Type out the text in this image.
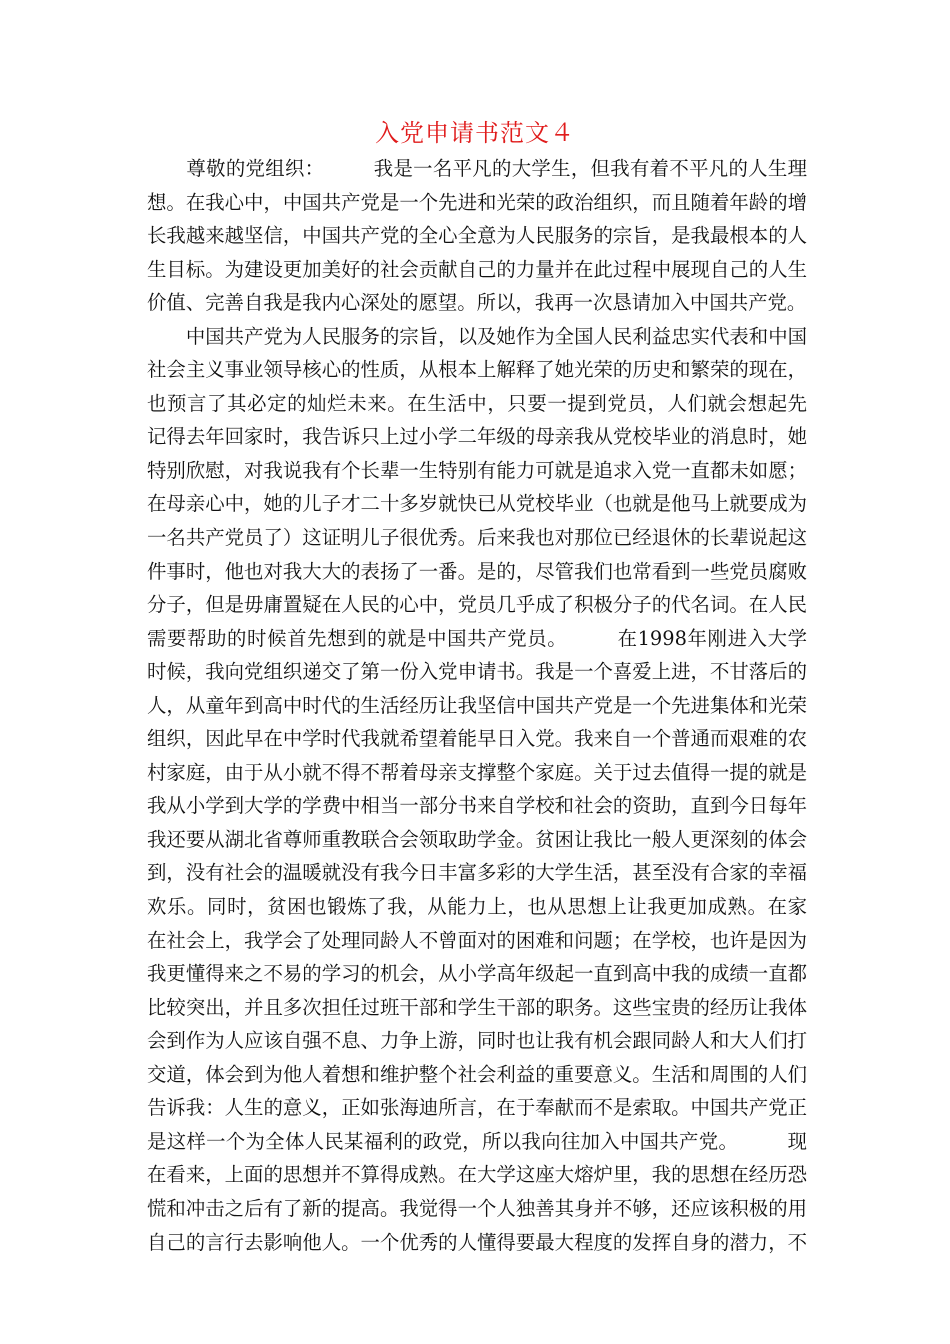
入党申请书范文４
　　尊敬的党组织：　　　我是一名平凡的大学生，但我有着不平凡的人生理
想。在我心中，中国共产党是一个先进和光荣的政治组织，而且随着年龄的增
长我越来越坚信，中国共产党的全心全意为人民服务的宗旨，是我最根本的人
生目标。为建设更加美好的社会贡献自己的力量并在此过程中展现自己的人生
价值、完善自我是我内心深处的愿望。所以，我再一次恳请加入中国共产党。
　　中国共产党为人民服务的宗旨，以及她作为全国人民利益忠实代表和中国
社会主义事业领导核心的性质，从根本上解释了她光荣的历史和繁荣的现在，
也预言了其必定的灿烂未来。在生活中，只要一提到党员，人们就会想起先
记得去年回家时，我告诉只上过小学二年级的母亲我从党校毕业的消息时，她
特别欣慰，对我说我有个长辈一生特别有能力可就是追求入党一直都未如愿；
在母亲心中，她的儿子才二十多岁就快已从党校毕业（也就是他马上就要成为
一名共产党员了）这证明儿子很优秀。后来我也对那位已经退休的长辈说起这
件事时，他也对我大大的表扬了一番。是的，尽管我们也常看到一些党员腐败
分子，但是毋庸置疑在人民的心中，党员几乎成了积极分子的代名词。在人民
需要帮助的时候首先想到的就是中国共产党员。　　　在1998年刚进入大学
时候，我向党组织递交了第一份入党申请书。我是一个喜爱上进，不甘落后的
人，从童年到高中时代的生活经历让我坚信中国共产党是一个先进集体和光荣
组织，因此早在中学时代我就希望着能早日入党。我来自一个普通而艰难的农
村家庭，由于从小就不得不帮着母亲支撑整个家庭。关于过去值得一提的就是
我从小学到大学的学费中相当一部分书来自学校和社会的资助，直到今日每年
我还要从湖北省尊师重教联合会领取助学金。贫困让我比一般人更深刻的体会
到，没有社会的温暖就没有我今日丰富多彩的大学生活，甚至没有合家的幸福
欢乐。同时，贫困也锻炼了我，从能力上，也从思想上让我更加成熟。在家
在社会上，我学会了处理同龄人不曾面对的困难和问题；在学校，也许是因为
我更懂得来之不易的学习的机会，从小学高年级起一直到高中我的成绩一直都
比较突出，并且多次担任过班干部和学生干部的职务。这些宝贵的经历让我体
会到作为人应该自强不息、力争上游，同时也让我有机会跟同龄人和大人们打
交道，体会到为他人着想和维护整个社会利益的重要意义。生活和周围的人们
告诉我：人生的意义，正如张海迪所言，在于奉献而不是索取。中国共产党正
是这样一个为全体人民某福利的政党，所以我向往加入中国共产党。　　　现
在看来，上面的思想并不算得成熟。在大学这座大熔炉里，我的思想在经历恐
慌和冲击之后有了新的提高。我觉得一个人独善其身并不够，还应该积极的用
自己的言行去影响他人。一个优秀的人懂得要最大程度的发挥自身的潜力，不
